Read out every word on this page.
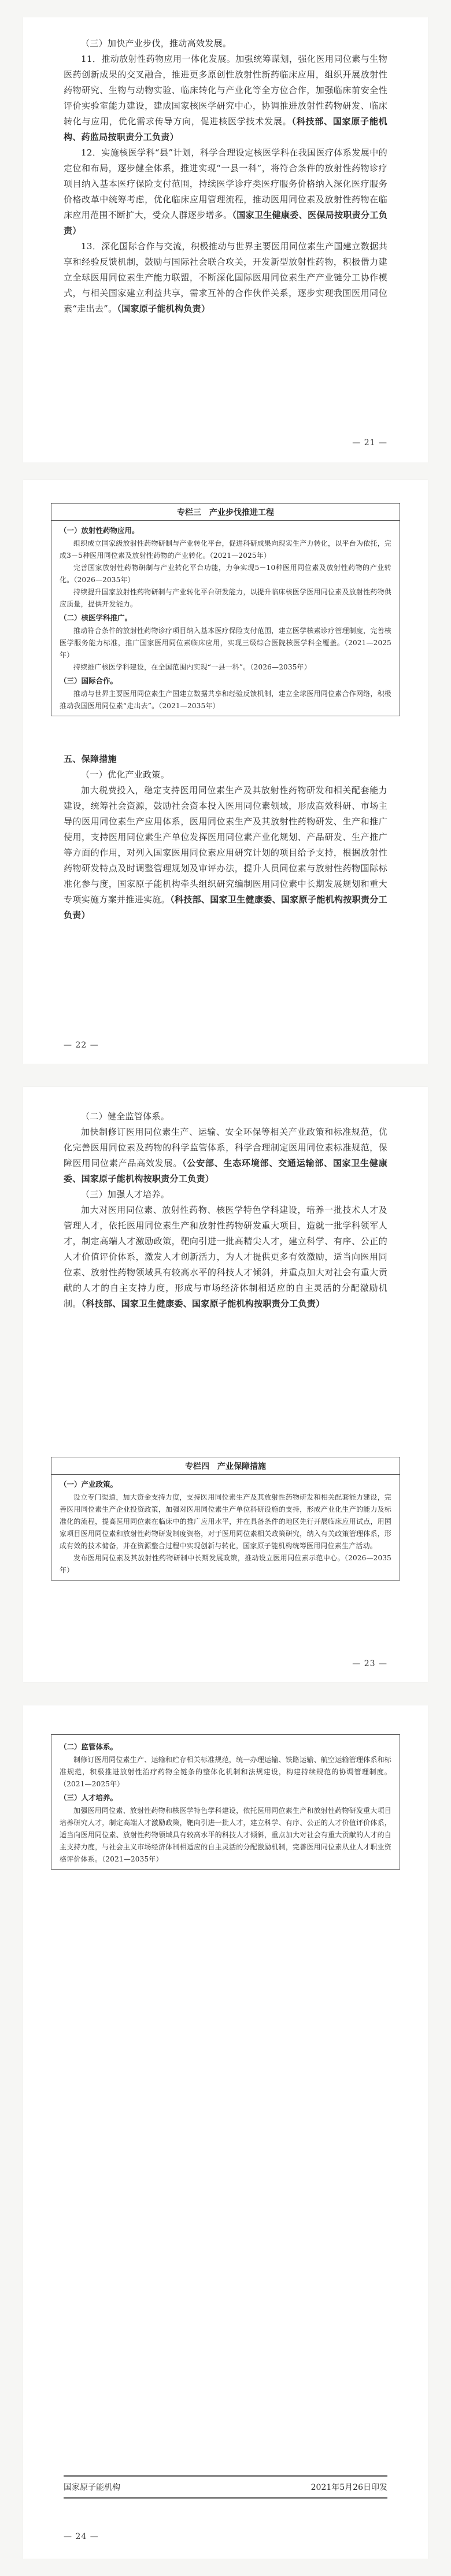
（三）加快产业步伐，推动高效发展。

11．推动放射性药物应用一体化发展。加强统筹谋划，强化医用同位素与生物医药创新成果的交叉融合，推进更多原创性放射性新药临床应用，组织开展放射性药物研究、生物与动物实验、临床转化与产业化等全方位合作，加强临床前安全性评价实验室能力建设，建成国家核医学研究中心，协调推进放射性药物研发、临床转化与应用，优化需求传导方向，促进核医学技术发展。（科技部、国家原子能机构、药监局按职责分工负责）

12．实施核医学科“县”计划，科学合理设定核医学科在我国医疗体系发展中的定位和布局，逐步健全体系，推进实现“一县一科”，将符合条件的放射性药物诊疗项目纳入基本医疗保险支付范围，持续医学诊疗类医疗服务价格纳入深化医疗服务价格改革中统筹考虑，优化临床应用管理流程，推动医用同位素及放射性药物在临床应用范围不断扩大，受众人群逐步增多。（国家卫生健康委、医保局按职责分工负责）

13．深化国际合作与交流，积极推动与世界主要医用同位素生产国建立数据共享和经验反馈机制，鼓励与国际社会联合攻关，开发新型放射性药物，积极借力建立全球医用同位素生产能力联盟，不断深化国际医用同位素生产产业链分工协作模式，与相关国家建立利益共享，需求互补的合作伙伴关系，逐步实现我国医用同位素“走出去”。（国家原子能机构负责）

— 21 —
专栏三　产业步伐推进工程
（一）放射性药物应用。

组织成立国家级放射性药物研制与产业转化平台，促进科研成果向现实生产力转化，以平台为依托，完成3－5种医用同位素及放射性药物的产业转化。（2021—2025年）

完善国家放射性药物研制与产业转化平台功能，力争实现5－10种医用同位素及放射性药物的产业转化。（2026—2035年）

持续提升国家放射性药物研制与产业转化平台研发能力，以提升临床核医学医用同位素及放射性药物供应质量，提供开发能力。

（二）核医学科推广。

推动符合条件的放射性药物诊疗项目纳入基本医疗保险支付范围，建立医学核素诊疗管理制度，完善核医学服务能力标准，推广国家医用同位素临床应用，实现三级综合医院核医学科全覆盖。（2021—2025年）

持续推广核医学科建设，在全国范围内实现“一县一科”。（2026—2035年）

（三）国际合作。

推动与世界主要医用同位素生产国建立数据共享和经验反馈机制，建立全球医用同位素合作网络，积极推动我国医用同位素“走出去”。（2021—2035年）

五、保障措施

（一）优化产业政策。

加大税费投入，稳定支持医用同位素生产及其放射性药物研发和相关配套能力建设，统筹社会资源，鼓励社会资本投入医用同位素领域，形成高效科研、市场主导的医用同位素生产应用体系，医用同位素生产及其放射性药物研发、生产和推广使用，支持医用同位素生产单位发挥医用同位素产业化规划、产品研发、生产推广等方面的作用，对列入国家医用同位素应用研究计划的项目给予支持，根据放射性药物研发特点及时调整管理规划及审评办法，提升人员同位素与放射性药物国际标准化参与度，国家原子能机构牵头组织研究编制医用同位素中长期发展规划和重大专项实施方案并推进实施。（科技部、国家卫生健康委、国家原子能机构按职责分工负责）

— 22 —

（二）健全监管体系。

加快制修订医用同位素生产、运输、安全环保等相关产业政策和标准规范，优化完善医用同位素及药物的科学监管体系，科学合理制定医用同位素标准规范，保障医用同位素产品高效发展。（公安部、生态环境部、交通运输部、国家卫生健康委、国家原子能机构按职责分工负责）

（三）加强人才培养。

加大对医用同位素、放射性药物、核医学特色学科建设，培养一批技术人才及管理人才，依托医用同位素生产和放射性药物研发重大项目，造就一批学科领军人才，制定高端人才激励政策，靶向引进一批高精尖人才，建立科学、有序、公正的人才价值评价体系，激发人才创新活力，为人才提供更多有效激励，适当向医用同位素、放射性药物领域具有较高水平的科技人才倾斜，并重点加大对社会有重大贡献的人才的自主支持力度，形成与市场经济体制相适应的自主灵活的分配激励机制。（科技部、国家卫生健康委、国家原子能机构按职责分工负责）

专栏四　产业保障措施
（一）产业政策。

设立专门渠道，加大资金支持力度，支持医用同位素生产及其放射性药物研发和相关配套能力建设，完善医用同位素生产企业投资政策，加强对医用同位素生产单位科研设施的支持，形成产业化生产的能力及标准化的流程，提高医用同位素在临床中的推广应用水平，并在具备条件的地区先行开展临床应用试点，用国家项目医用同位素和放射性药物研发制度资格，对于医用同位素相关政策研究，纳入有关政策管理体系，形成有效的技术储备，并在资源整合过程中实现创新与转化，国家原子能机构统筹医用同位素生产活动。

发布医用同位素及其放射性药物研制中长期发展政策，推动设立医用同位素示范中心。（2026—2035年）

— 23 —
（二）监管体系。

制修订医用同位素生产、运输和贮存相关标准规范，统一办理运输、铁路运输、航空运输管理体系和标准规范，积极推进放射性治疗药物全链条的整体化机制和法规建设，构建持续规范的协调管理制度。（2021—2025年）

（三）人才培养。

加强医用同位素、放射性药物和核医学特色学科建设，依托医用同位素生产和放射性药物研发重大项目培养研究人才，制定高端人才激励政策，靶向引进一批人才，建立科学、有序、公正的人才价值评价体系，适当向医用同位素、放射性药物领域具有较高水平的科技人才倾斜，重点加大对社会有重大贡献的人才的自主支持力度，与社会主义市场经济体制相适应的自主灵活的分配激励机制，完善医用同位素从业人才职业资格评价体系。（2021—2035年）

国家原子能机构	2021年5月26日印发
— 24 —
